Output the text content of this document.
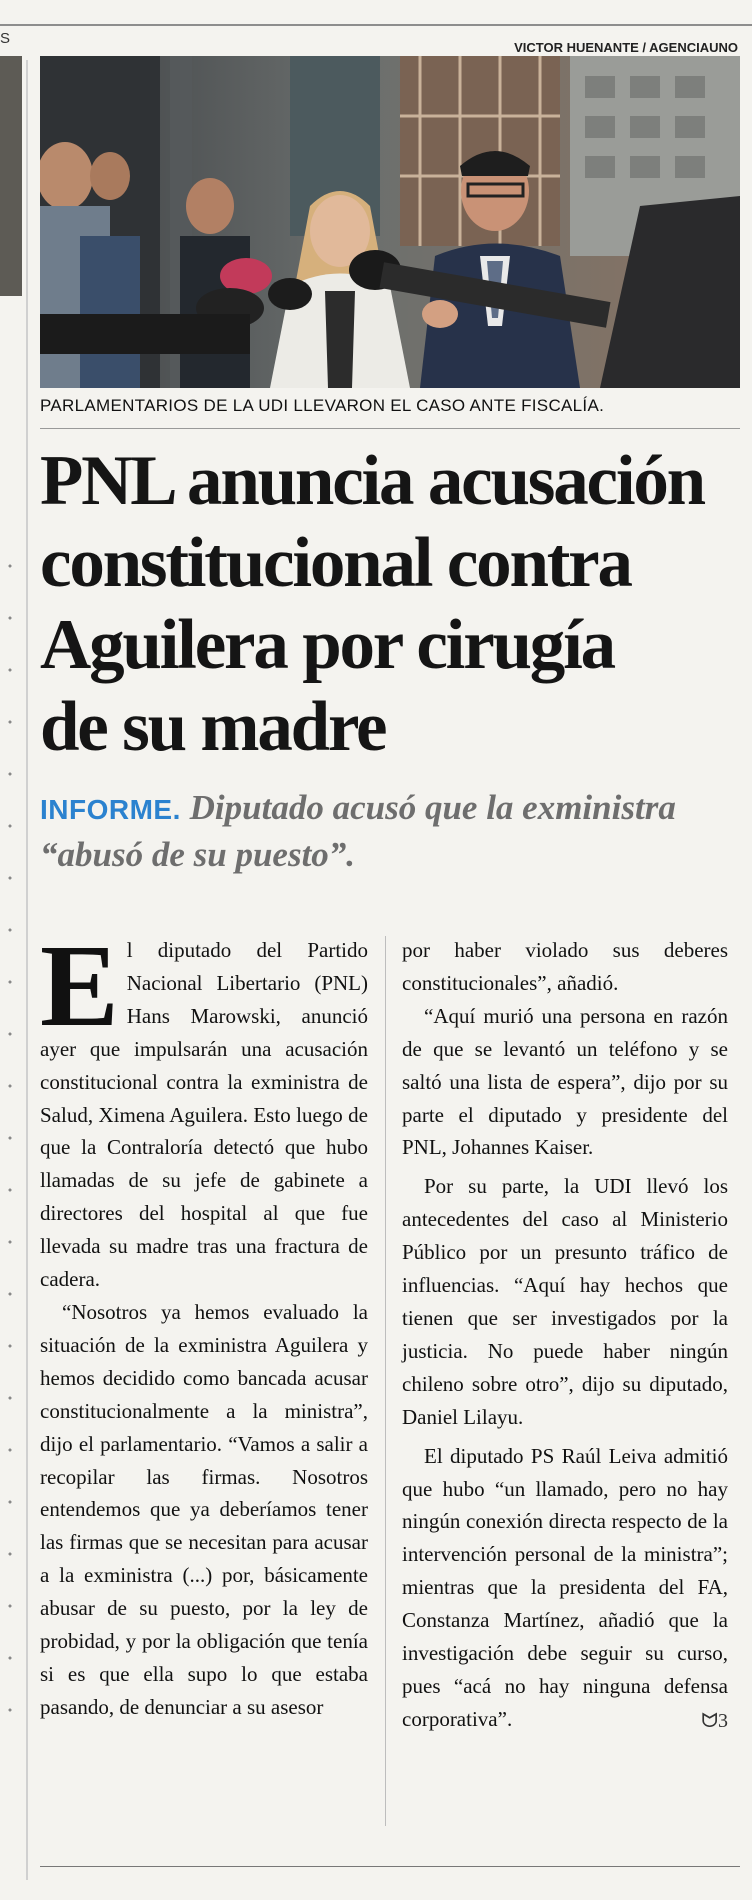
S
VICTOR HUENANTE / AGENCIAUNO
PARLAMENTARIOS DE LA UDI LLEVARON EL CASO ANTE FISCALÍA.
PNL anuncia acusación
constitucional contra
Aguilera por cirugía
de su madre
INFORME. Diputado acusó que la exministra “abusó de su puesto”.

El diputado del Partido Nacional Libertario (PNL) Hans Marowski, anunció ayer que impulsarán una acusación constitucional contra la exministra de Salud, Ximena Aguilera. Esto luego de que la Contraloría detectó que hubo llamadas de su jefe de gabinete a directores del hospital al que fue llevada su madre tras una fractura de cadera.

“Nosotros ya hemos evaluado la situación de la exministra Aguilera y hemos decidido como bancada acusar constitucionalmente a la ministra”, dijo el parlamentario. “Vamos a salir a recopilar las firmas. Nosotros entendemos que ya deberíamos tener las firmas que se necesitan para acusar a la exministra (...) por, básicamente abusar de su puesto, por la ley de probidad, y por la obligación que tenía si es que ella supo lo que estaba pasando, de denunciar a su asesor

por haber violado sus deberes constitucionales”, añadió.

“Aquí murió una persona en razón de que se levantó un teléfono y se saltó una lista de espera”, dijo por su parte el diputado y presidente del PNL, Johannes Kaiser.

Por su parte, la UDI llevó los antecedentes del caso al Ministerio Público por un presunto tráfico de influencias. “Aquí hay hechos que tienen que ser investigados por la justicia. No puede haber ningún chileno sobre otro”, dijo su diputado, Daniel Lilayu.

El diputado PS Raúl Leiva admitió que hubo “un llamado, pero no hay ningún conexión directa respecto de la intervención personal de la ministra”; mientras que la presidenta del FA, Constanza Martínez, añadió que la investigación debe seguir su curso, pues “acá no hay ninguna defensa corporativa”.	ᗢ3
